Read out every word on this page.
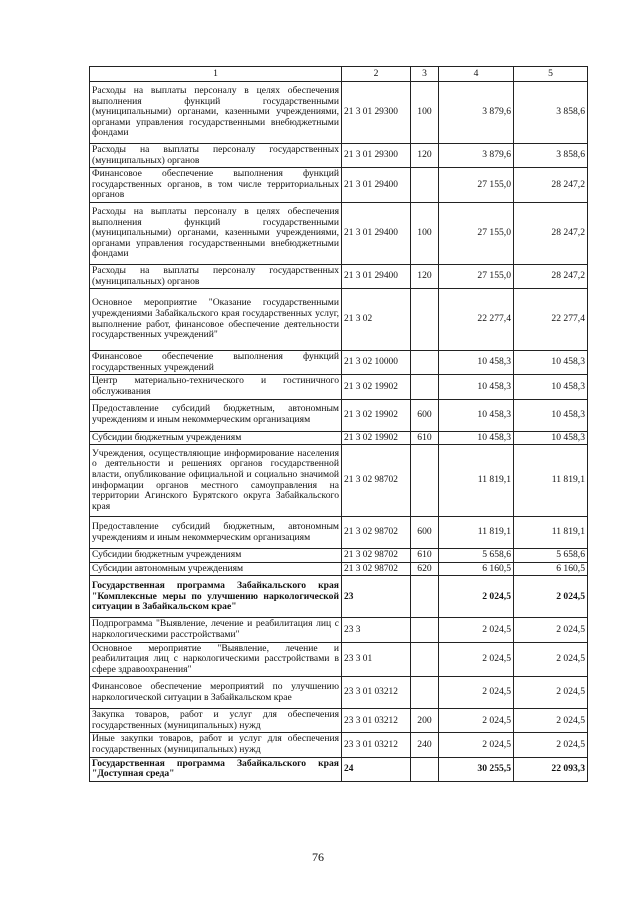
1	2	3	4	5
Расходы на выплаты персоналу в целях обеспечения выполнения функций государственными (муниципальными) органами, казенными учреждениями, органами управления государственными внебюджетными фондами	21 3 01 29300	100	3 879,6	3 858,6
Расходы на выплаты персоналу государственных (муниципальных) органов	21 3 01 29300	120	3 879,6	3 858,6
Финансовое обеспечение выполнения функций государственных органов, в том числе территориальных органов	21 3 01 29400		27 155,0	28 247,2
Расходы на выплаты персоналу в целях обеспечения выполнения функций государственными (муниципальными) органами, казенными учреждениями, органами управления государственными внебюджетными фондами	21 3 01 29400	100	27 155,0	28 247,2
Расходы на выплаты персоналу государственных (муниципальных) органов	21 3 01 29400	120	27 155,0	28 247,2
Основное мероприятие "Оказание государственными учреждениями Забайкальского края государственных услуг, выполнение работ, финансовое обеспечение деятельности государственных учреждений"	21 3 02		22 277,4	22 277,4
Финансовое обеспечение выполнения функций государственных учреждений	21 3 02 10000		10 458,3	10 458,3
Центр материально-технического и гостиничного обслуживания	21 3 02 19902		10 458,3	10 458,3
Предоставление субсидий бюджетным, автономным учреждениям и иным некоммерческим организациям	21 3 02 19902	600	10 458,3	10 458,3
Субсидии бюджетным учреждениям	21 3 02 19902	610	10 458,3	10 458,3
Учреждения, осуществляющие информирование населения о деятельности и решениях органов государственной власти, опубликование официальной и социально значимой информации органов местного самоуправления на территории Агинского Бурятского округа Забайкальского края	21 3 02 98702		11 819,1	11 819,1
Предоставление субсидий бюджетным, автономным учреждениям и иным некоммерческим организациям	21 3 02 98702	600	11 819,1	11 819,1
Субсидии бюджетным учреждениям	21 3 02 98702	610	5 658,6	5 658,6
Субсидии автономным учреждениям	21 3 02 98702	620	6 160,5	6 160,5
Государственная программа Забайкальского края "Комплексные меры по улучшению наркологической ситуации в Забайкальском крае"	23		2 024,5	2 024,5
Подпрограмма "Выявление, лечение и реабилитация лиц с наркологическими расстройствами"	23 3		2 024,5	2 024,5
Основное мероприятие "Выявление, лечение и реабилитация лиц с наркологическими расстройствами в сфере здравоохранения"	23 3 01		2 024,5	2 024,5
Финансовое обеспечение мероприятий по улучшению наркологической ситуации в Забайкальском крае	23 3 01 03212		2 024,5	2 024,5
Закупка товаров, работ и услуг для обеспечения государственных (муниципальных) нужд	23 3 01 03212	200	2 024,5	2 024,5
Иные закупки товаров, работ и услуг для обеспечения государственных (муниципальных) нужд	23 3 01 03212	240	2 024,5	2 024,5
Государственная программа Забайкальского края "Доступная среда"	24		30 255,5	22 093,3
76
